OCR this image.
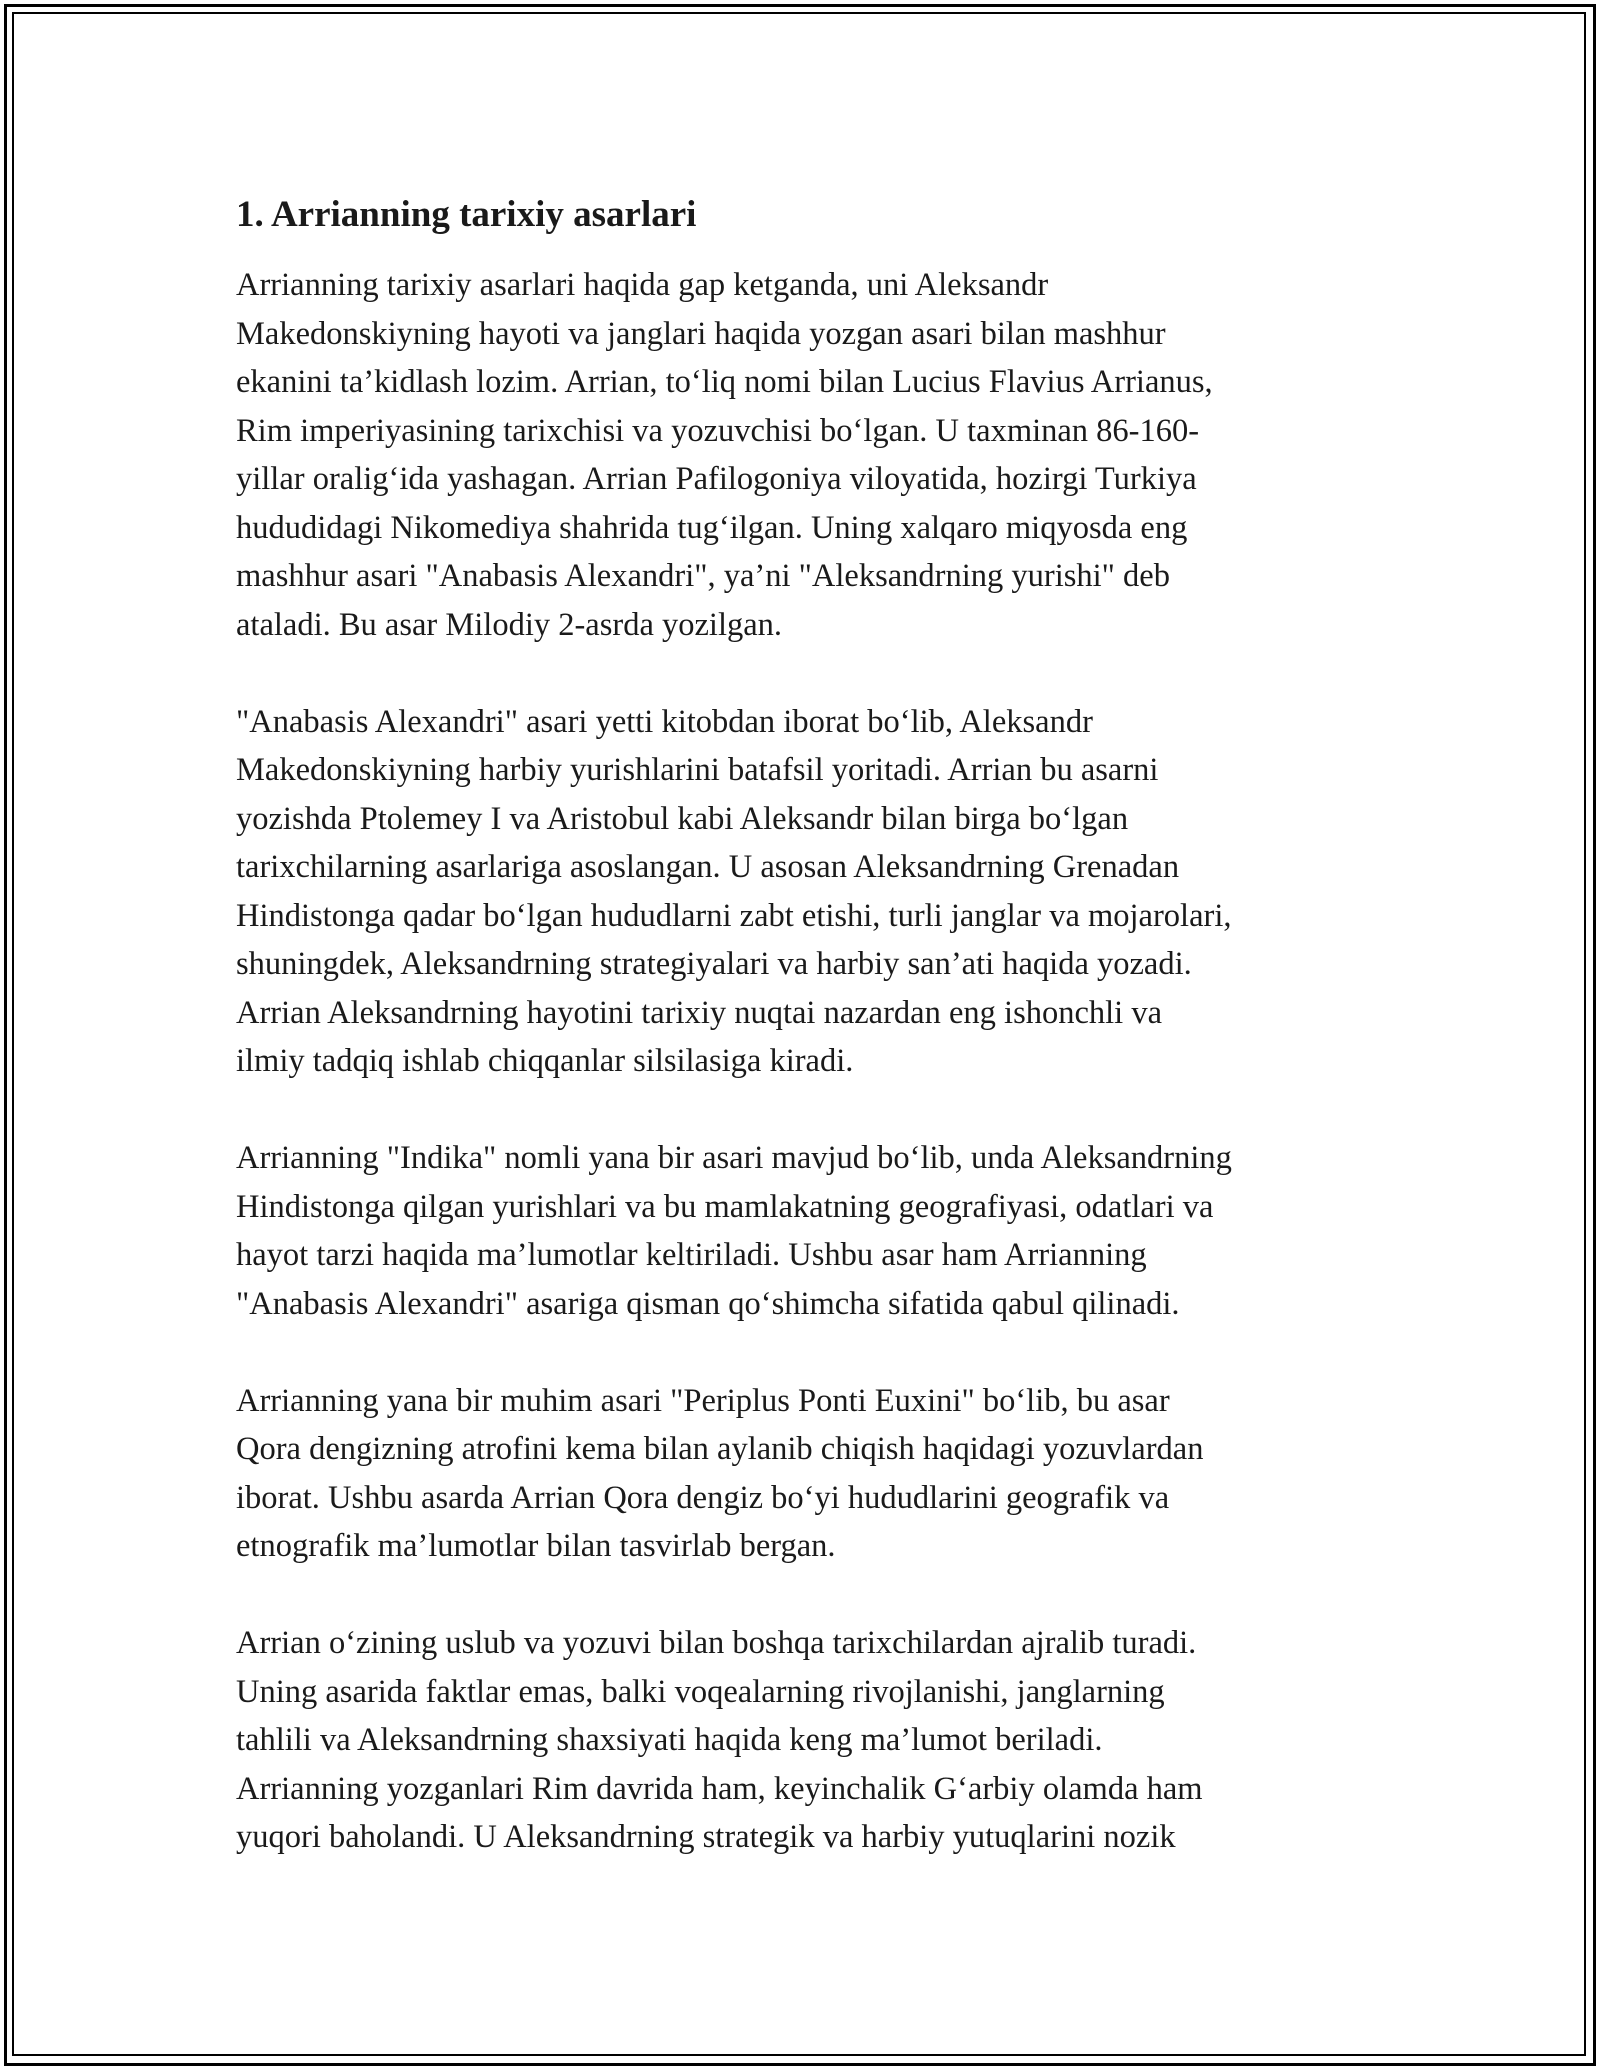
1. Arrianning tarixiy asarlari

Arrianning tarixiy asarlari haqida gap ketganda, uni Aleksandr
Makedonskiyning hayoti va janglari haqida yozgan asari bilan mashhur
ekanini ta’kidlash lozim. Arrian, to‘liq nomi bilan Lucius Flavius Arrianus,
Rim imperiyasining tarixchisi va yozuvchisi bo‘lgan. U taxminan 86-160-
yillar oralig‘ida yashagan. Arrian Pafilogoniya viloyatida, hozirgi Turkiya
hududidagi Nikomediya shahrida tug‘ilgan. Uning xalqaro miqyosda eng
mashhur asari "Anabasis Alexandri", ya’ni "Aleksandrning yurishi" deb
ataladi. Bu asar Milodiy 2-asrda yozilgan.

"Anabasis Alexandri" asari yetti kitobdan iborat bo‘lib, Aleksandr
Makedonskiyning harbiy yurishlarini batafsil yoritadi. Arrian bu asarni
yozishda Ptolemey I va Aristobul kabi Aleksandr bilan birga bo‘lgan
tarixchilarning asarlariga asoslangan. U asosan Aleksandrning Grenadan
Hindistonga qadar bo‘lgan hududlarni zabt etishi, turli janglar va mojarolari,
shuningdek, Aleksandrning strategiyalari va harbiy san’ati haqida yozadi.
Arrian Aleksandrning hayotini tarixiy nuqtai nazardan eng ishonchli va
ilmiy tadqiq ishlab chiqqanlar silsilasiga kiradi.

Arrianning "Indika" nomli yana bir asari mavjud bo‘lib, unda Aleksandrning
Hindistonga qilgan yurishlari va bu mamlakatning geografiyasi, odatlari va
hayot tarzi haqida ma’lumotlar keltiriladi. Ushbu asar ham Arrianning
"Anabasis Alexandri" asariga qisman qo‘shimcha sifatida qabul qilinadi.

Arrianning yana bir muhim asari "Periplus Ponti Euxini" bo‘lib, bu asar
Qora dengizning atrofini kema bilan aylanib chiqish haqidagi yozuvlardan
iborat. Ushbu asarda Arrian Qora dengiz bo‘yi hududlarini geografik va
etnografik ma’lumotlar bilan tasvirlab bergan.

Arrian o‘zining uslub va yozuvi bilan boshqa tarixchilardan ajralib turadi.
Uning asarida faktlar emas, balki voqealarning rivojlanishi, janglarning
tahlili va Aleksandrning shaxsiyati haqida keng ma’lumot beriladi.
Arrianning yozganlari Rim davrida ham, keyinchalik G‘arbiy olamda ham
yuqori baholandi. U Aleksandrning strategik va harbiy yutuqlarini nozik
